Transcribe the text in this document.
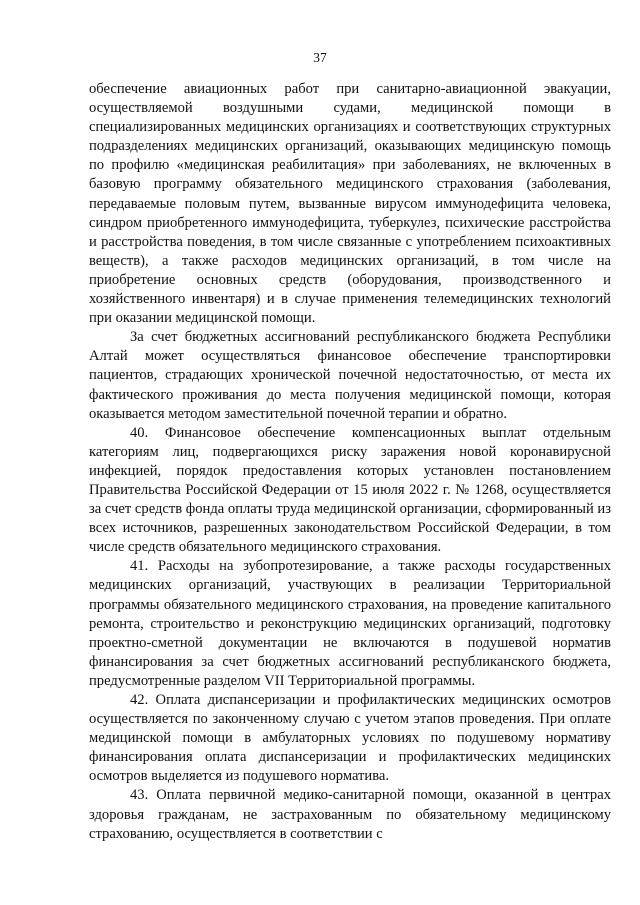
37

обеспечение авиационных работ при санитарно-авиационной эвакуации, осуществляемой воздушными судами, медицинской помощи в специализированных медицинских организациях и соответствующих структурных подразделениях медицинских организаций, оказывающих медицинскую помощь по профилю «медицинская реабилитация» при заболеваниях, не включенных в базовую программу обязательного медицинского страхования (заболевания, передаваемые половым путем, вызванные вирусом иммунодефицита человека, синдром приобретенного иммунодефицита, туберкулез, психические расстройства и расстройства поведения, в том числе связанные с употреблением психоактивных веществ), а также расходов медицинских организаций, в том числе на приобретение основных средств (оборудования, производственного и хозяйственного инвентаря) и в случае применения телемедицинских технологий при оказании медицинской помощи.

За счет бюджетных ассигнований республиканского бюджета Республики Алтай может осуществляться финансовое обеспечение транспортировки пациентов, страдающих хронической почечной недостаточностью, от места их фактического проживания до места получения медицинской помощи, которая оказывается методом заместительной почечной терапии и обратно.

40. Финансовое обеспечение компенсационных выплат отдельным категориям лиц, подвергающихся риску заражения новой коронавирусной инфекцией, порядок предоставления которых установлен постановлением Правительства Российской Федерации от 15 июля 2022 г. № 1268, осуществляется за счет средств фонда оплаты труда медицинской организации, сформированный из всех источников, разрешенных законодательством Российской Федерации, в том числе средств обязательного медицинского страхования.

41. Расходы на зубопротезирование, а также расходы государственных медицинских организаций, участвующих в реализации Территориальной программы обязательного медицинского страхования, на проведение капитального ремонта, строительство и реконструкцию медицинских организаций, подготовку проектно-сметной документации не включаются в подушевой норматив финансирования за счет бюджетных ассигнований республиканского бюджета, предусмотренные разделом VII Территориальной программы.

42. Оплата диспансеризации и профилактических медицинских осмотров осуществляется по законченному случаю с учетом этапов проведения. При оплате медицинской помощи в амбулаторных условиях по подушевому нормативу финансирования оплата диспансеризации и профилактических медицинских осмотров выделяется из подушевого норматива.

43. Оплата первичной медико-санитарной помощи, оказанной в центрах здоровья гражданам, не застрахованным по обязательному медицинскому страхованию, осуществляется в соответствии с
